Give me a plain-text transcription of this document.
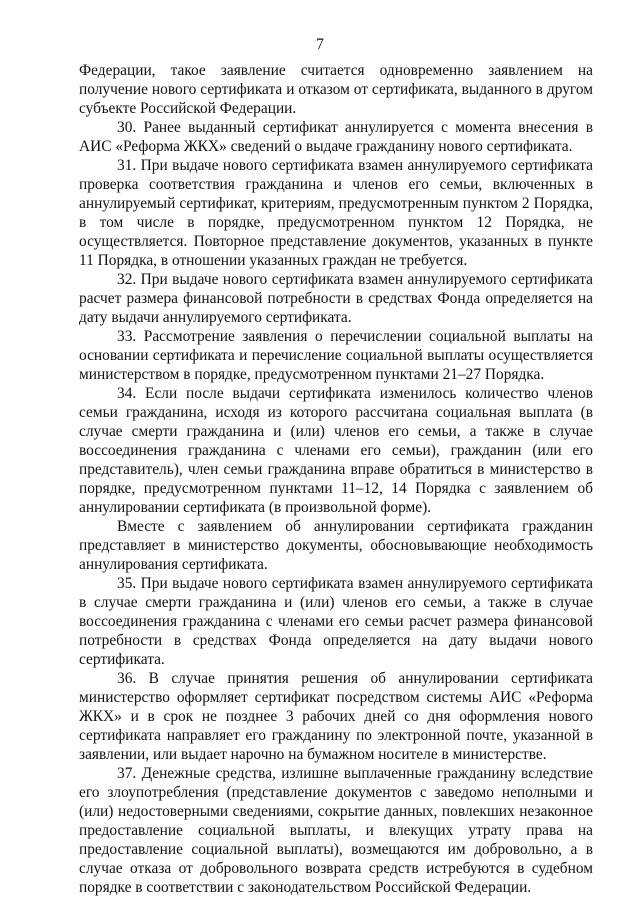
7

Федерации, такое заявление считается одновременно заявлением на получение нового сертификата и отказом от сертификата, выданного в другом субъекте Российской Федерации.

30. Ранее выданный сертификат аннулируется с момента внесения в АИС «Реформа ЖКХ» сведений о выдаче гражданину нового сертификата.

31. При выдаче нового сертификата взамен аннулируемого сертификата проверка соответствия гражданина и членов его семьи, включенных в аннулируемый сертификат, критериям, предусмотренным пунктом 2 Порядка, в том числе в порядке, предусмотренном пунктом 12 Порядка, не осуществляется. Повторное представление документов, указанных в пункте 11 Порядка, в отношении указанных граждан не требуется.

32. При выдаче нового сертификата взамен аннулируемого сертификата расчет размера финансовой потребности в средствах Фонда определяется на дату выдачи аннулируемого сертификата.

33. Рассмотрение заявления о перечислении социальной выплаты на основании сертификата и перечисление социальной выплаты осуществляется министерством в порядке, предусмотренном пунктами 21–27 Порядка.

34. Если после выдачи сертификата изменилось количество членов семьи гражданина, исходя из которого рассчитана социальная выплата (в случае смерти гражданина и (или) членов его семьи, а также в случае воссоединения гражданина с членами его семьи), гражданин (или его представитель), член семьи гражданина вправе обратиться в министерство в порядке, предусмотренном пунктами 11–12, 14 Порядка с заявлением об аннулировании сертификата (в произвольной форме).

Вместе с заявлением об аннулировании сертификата гражданин представляет в министерство документы, обосновывающие необходимость аннулирования сертификата.

35. При выдаче нового сертификата взамен аннулируемого сертификата в случае смерти гражданина и (или) членов его семьи, а также в случае воссоединения гражданина с членами его семьи расчет размера финансовой потребности в средствах Фонда определяется на дату выдачи нового сертификата.

36. В случае принятия решения об аннулировании сертификата министерство оформляет сертификат посредством системы АИС «Реформа ЖКХ» и в срок не позднее 3 рабочих дней со дня оформления нового сертификата направляет его гражданину по электронной почте, указанной в заявлении, или выдает нарочно на бумажном носителе в министерстве.

37. Денежные средства, излишне выплаченные гражданину вследствие его злоупотребления (представление документов с заведомо неполными и (или) недостоверными сведениями, сокрытие данных, повлекших незаконное предоставление социальной выплаты, и влекущих утрату права на предоставление социальной выплаты), возмещаются им добровольно, а в случае отказа от добровольного возврата средств истребуются в судебном порядке в соответствии с законодательством Российской Федерации.
